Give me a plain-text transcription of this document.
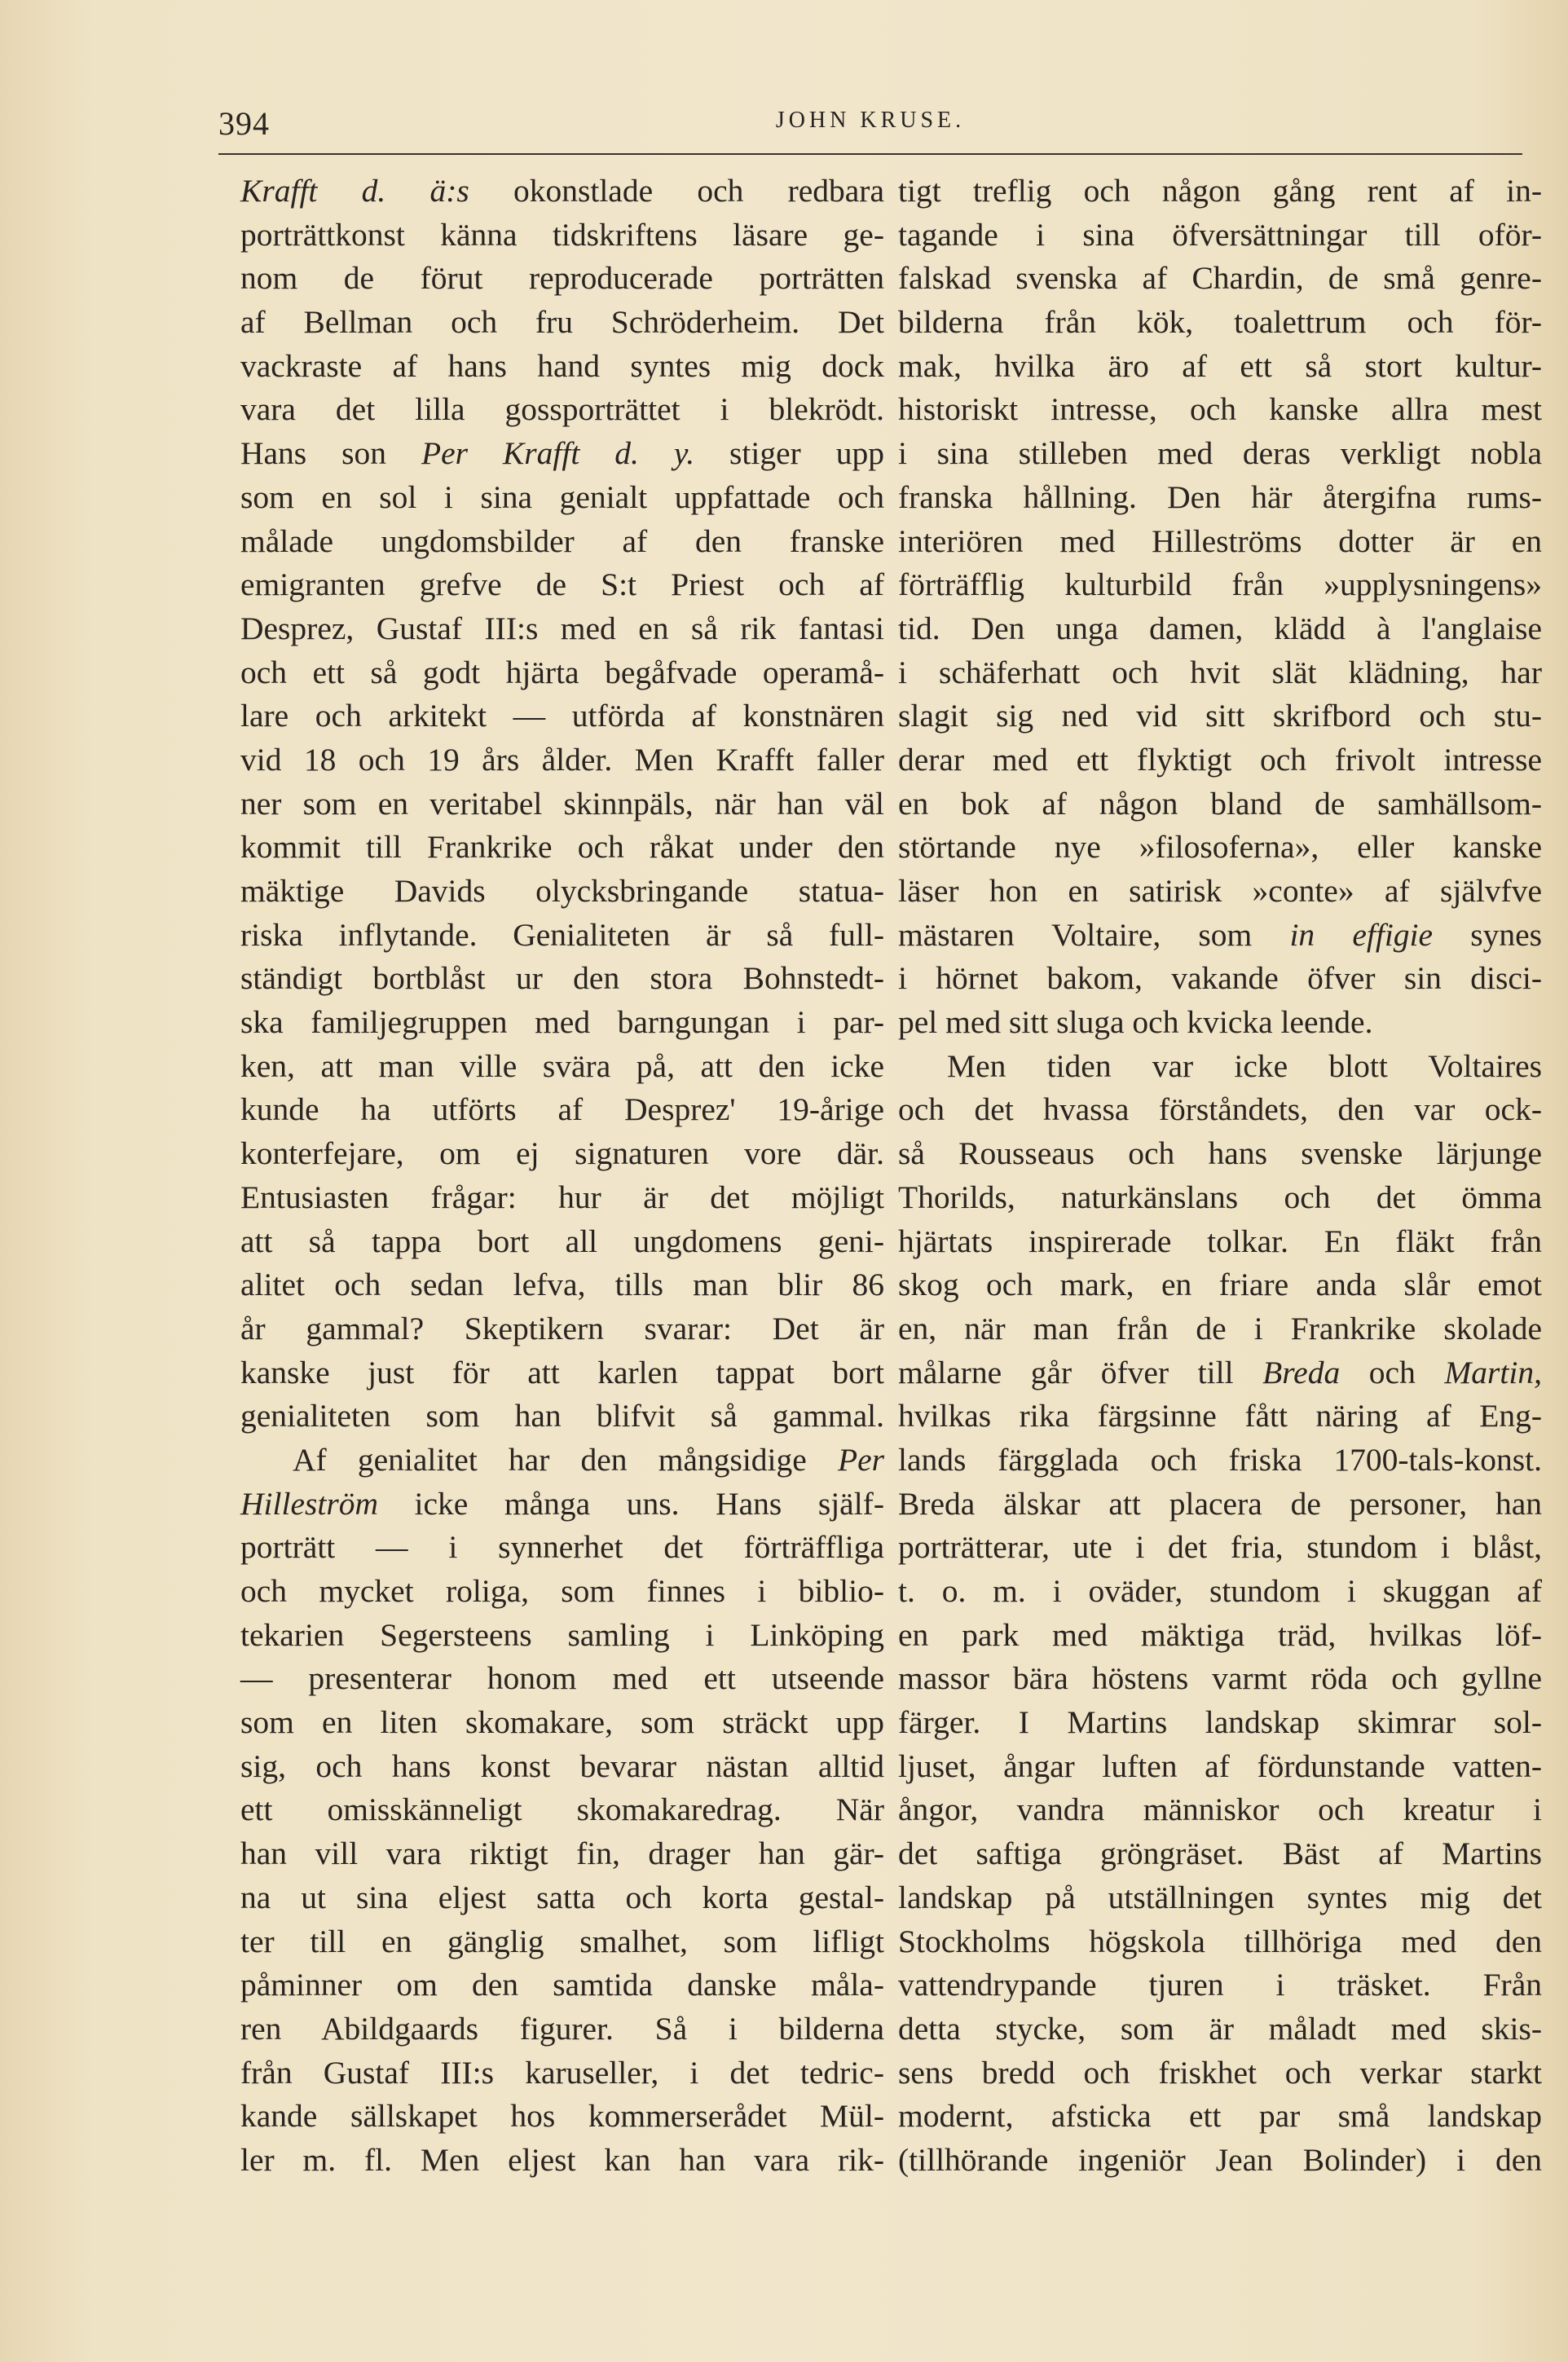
394	JOHN KRUSE.
Krafft d. ä:s okonstlade och redbara
porträttkonst känna tidskriftens läsare ge-
nom de förut reproducerade porträtten
af Bellman och fru Schröderheim. Det
vackraste af hans hand syntes mig dock
vara det lilla gossporträttet i blekrödt.
Hans son Per Krafft d. y. stiger upp
som en sol i sina genialt uppfattade och
målade ungdomsbilder af den franske
emigranten grefve de S:t Priest och af
Desprez, Gustaf III:s med en så rik fantasi
och ett så godt hjärta begåfvade operamå-
lare och arkitekt — utförda af konstnären
vid 18 och 19 års ålder. Men Krafft faller
ner som en veritabel skinnpäls, när han väl
kommit till Frankrike och råkat under den
mäktige Davids olycksbringande statua-
riska inflytande. Genialiteten är så full-
ständigt bortblåst ur den stora Bohnstedt-
ska familjegruppen med barngungan i par-
ken, att man ville svära på, att den icke
kunde ha utförts af Desprez' 19-årige
konterfejare, om ej signaturen vore där.
Entusiasten frågar: hur är det möjligt
att så tappa bort all ungdomens geni-
alitet och sedan lefva, tills man blir 86
år gammal? Skeptikern svarar: Det är
kanske just för att karlen tappat bort
genialiteten som han blifvit så gammal.
Af genialitet har den mångsidige Per
Hilleström icke många uns. Hans själf-
porträtt — i synnerhet det förträffliga
och mycket roliga, som finnes i biblio-
tekarien Segersteens samling i Linköping
— presenterar honom med ett utseende
som en liten skomakare, som sträckt upp
sig, och hans konst bevarar nästan alltid
ett omisskänneligt skomakaredrag. När
han vill vara riktigt fin, drager han gär-
na ut sina eljest satta och korta gestal-
ter till en gänglig smalhet, som lifligt
påminner om den samtida danske måla-
ren Abildgaards figurer. Så i bilderna
från Gustaf III:s karuseller, i det tedric-
kande sällskapet hos kommerserådet Mül-
ler m. fl. Men eljest kan han vara rik-
tigt treflig och någon gång rent af in-
tagande i sina öfversättningar till oför-
falskad svenska af Chardin, de små genre-
bilderna från kök, toalettrum och för-
mak, hvilka äro af ett så stort kultur-
historiskt intresse, och kanske allra mest
i sina stilleben med deras verkligt nobla
franska hållning. Den här återgifna rums-
interiören med Hilleströms dotter är en
förträfflig kulturbild från »upplysningens»
tid. Den unga damen, klädd à l'anglaise
i schäferhatt och hvit slät klädning, har
slagit sig ned vid sitt skrifbord och stu-
derar med ett flyktigt och frivolt intresse
en bok af någon bland de samhällsom-
störtande nye »filosoferna», eller kanske
läser hon en satirisk »conte» af självfve
mästaren Voltaire, som in effigie synes
i hörnet bakom, vakande öfver sin disci-
pel med sitt sluga och kvicka leende.
Men tiden var icke blott Voltaires
och det hvassa förståndets, den var ock-
så Rousseaus och hans svenske lärjunge
Thorilds, naturkänslans och det ömma
hjärtats inspirerade tolkar. En fläkt från
skog och mark, en friare anda slår emot
en, när man från de i Frankrike skolade
målarne går öfver till Breda och Martin,
hvilkas rika färgsinne fått näring af Eng-
lands färgglada och friska 1700-tals-konst.
Breda älskar att placera de personer, han
porträtterar, ute i det fria, stundom i blåst,
t. o. m. i oväder, stundom i skuggan af
en park med mäktiga träd, hvilkas löf-
massor bära höstens varmt röda och gyllne
färger. I Martins landskap skimrar sol-
ljuset, ångar luften af fördunstande vatten-
ångor, vandra människor och kreatur i
det saftiga gröngräset. Bäst af Martins
landskap på utställningen syntes mig det
Stockholms högskola tillhöriga med den
vattendrypande tjuren i träsket. Från
detta stycke, som är måladt med skis-
sens bredd och friskhet och verkar starkt
modernt, afsticka ett par små landskap
(tillhörande ingeniör Jean Bolinder) i den
